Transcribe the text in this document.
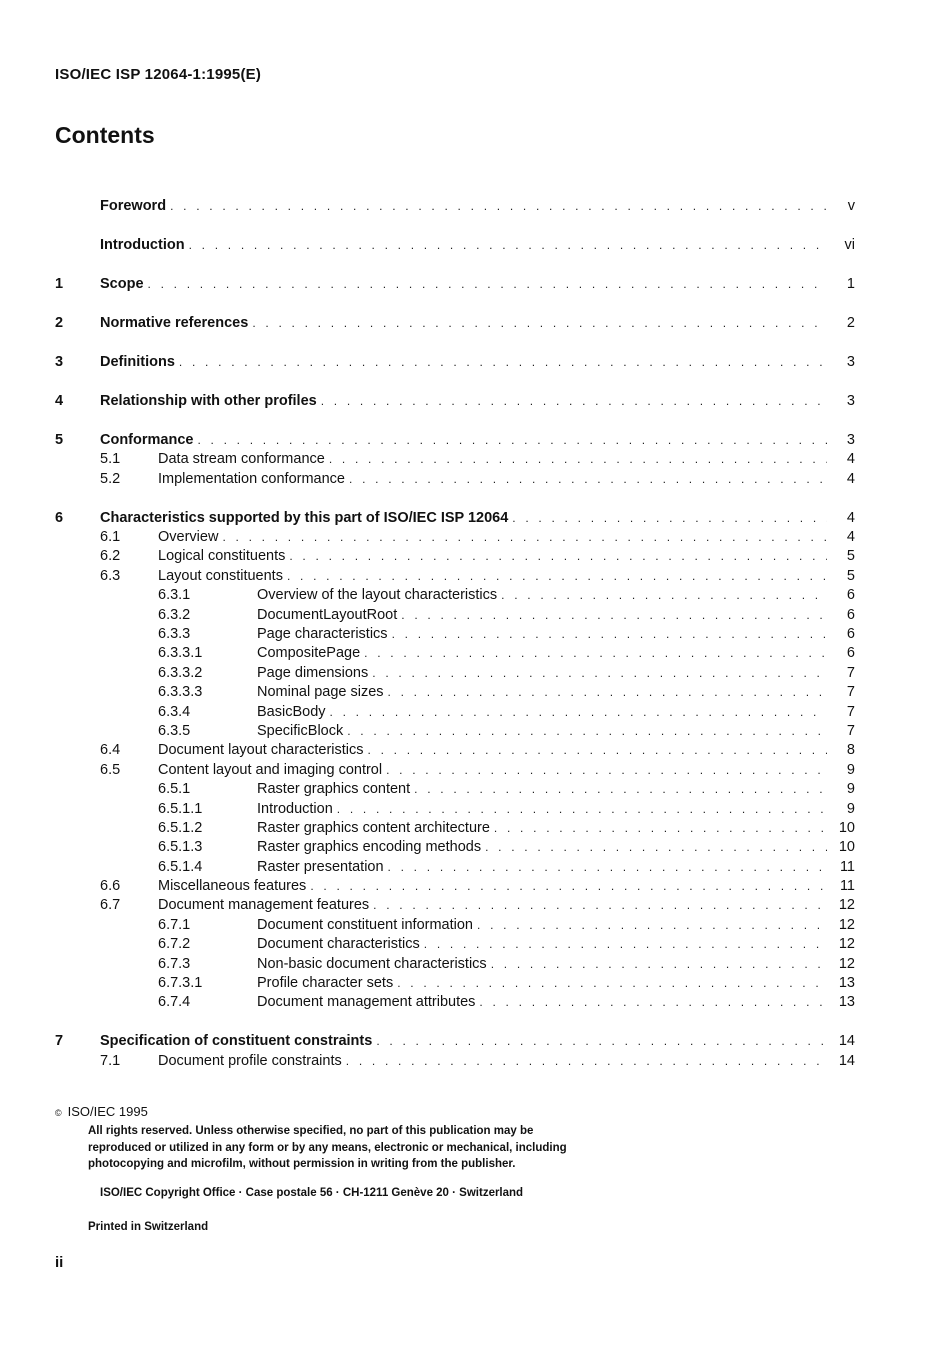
ISO/IEC ISP 12064-1:1995(E)
Contents
Foreword . . .	v
Introduction . . .	vi
1	Scope . . .	1
2	Normative references . . .	2
3	Definitions . . .	3
4	Relationship with other profiles . . .	3
5	Conformance . . .	3
5.1	Data stream conformance . . .	4
5.2	Implementation conformance . . .	4
6	Characteristics supported by this part of ISO/IEC ISP 12064 . . .	4
6.1	Overview . . .	4
6.2	Logical constituents . . .	5
6.3	Layout constituents . . .	5
6.3.1	Overview of the layout characteristics . . .	6
6.3.2	DocumentLayoutRoot . . .	6
6.3.3	Page characteristics . . .	6
6.3.3.1	CompositePage . . .	6
6.3.3.2	Page dimensions . . .	7
6.3.3.3	Nominal page sizes . . .	7
6.3.4	BasicBody . . .	7
6.3.5	SpecificBlock . . .	7
6.4	Document layout characteristics . . .	8
6.5	Content layout and imaging control . . .	9
6.5.1	Raster graphics content . . .	9
6.5.1.1	Introduction . . .	9
6.5.1.2	Raster graphics content architecture . . .	10
6.5.1.3	Raster graphics encoding methods . . .	10
6.5.1.4	Raster presentation . . .	11
6.6	Miscellaneous features . . .	11
6.7	Document management features . . .	12
6.7.1	Document constituent information . . .	12
6.7.2	Document characteristics . . .	12
6.7.3	Non-basic document characteristics . . .	12
6.7.3.1	Profile character sets . . .	13
6.7.4	Document management attributes . . .	13
7	Specification of constituent constraints . . .	14
7.1	Document profile constraints . . .	14
© ISO/IEC 1995
All rights reserved. Unless otherwise specified, no part of this publication may be
reproduced or utilized in any form or by any means, electronic or mechanical, including
photocopying and microfilm, without permission in writing from the publisher.
ISO/IEC Copyright Office · Case postale 56 · CH-1211 Genève 20 · Switzerland
Printed in Switzerland
ii
